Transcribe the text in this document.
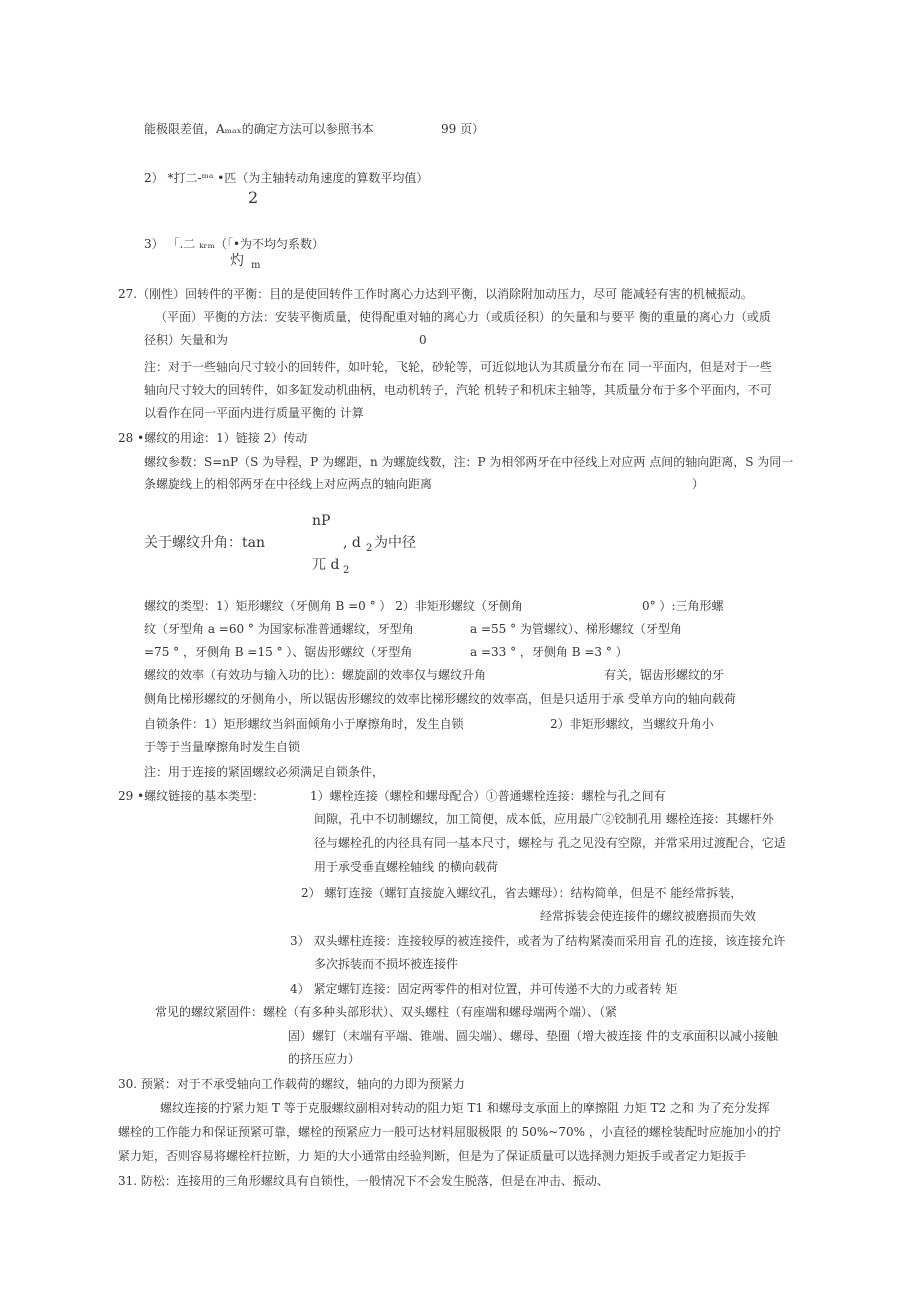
能极限差值，Aₘₐₓ的确定方法可以参照书本	99 页）
2） *打二-ᵐᵃ •匹（为主轴转动角速度的算数平均值）
2
3） 「.二 ₖᵣₘ（「•为不均匀系数）
灼 m
27.（刚性）回转件的平衡：目的是使回转件工作时离心力达到平衡，以消除附加动压力，尽可 能减轻有害的机械振动。
（平面）平衡的方法：安装平衡质量，使得配重对轴的离心力（或质径积）的矢量和与要平 衡的重量的离心力（或质
径积）矢量和为	0
注：对于一些轴向尺寸较小的回转件，如叶轮，飞轮，砂轮等，可近似地认为其质量分布在 同一平面内，但是对于一些
轴向尺寸较大的回转件，如多缸发动机曲柄，电动机转子，汽轮 机转子和机床主轴等，其质量分布于多个平面内，不可
以看作在同一平面内进行质量平衡的 计算
28 •螺纹的用途：1）链接 2）传动
螺纹参数：S=nP（S 为导程，P 为螺距，n 为螺旋线数，注：P 为相邻两牙在中径线上对应两 点间的轴向距离，S 为同一
条螺旋线上的相邻两牙在中径线上对应两点的轴向距离	）
nP
关于螺纹升角：tan	, d 2 为中径
兀 d 2
螺纹的类型：1）矩形螺纹（牙侧角 B =0 ° ） 2）非矩形螺纹（牙侧角	0° ）:三角形螺
纹（牙型角 a =60 ° 为国家标准普通螺纹，牙型角	a =55 ° 为管螺纹）、梯形螺纹（牙型角
=75 ° ，牙侧角 B =15 ° ）、锯齿形螺纹（牙型角	a =33 ° ，牙侧角 B =3 ° ）
螺纹的效率（有效功与输入功的比）：螺旋副的效率仅与螺纹升角	有关，锯齿形螺纹的牙
侧角比梯形螺纹的牙侧角小，所以锯齿形螺纹的效率比梯形螺纹的效率高，但是只适用于承 受单方向的轴向载荷
自锁条件：1）矩形螺纹当斜面倾角小于摩擦角时，发生自锁	2）非矩形螺纹，当螺纹升角小
于等于当量摩擦角时发生自锁
注：用于连接的紧固螺纹必须满足自锁条件，
29 •螺纹链接的基本类型：	1）螺栓连接（螺栓和螺母配合）①普通螺栓连接：螺栓与孔之间有
间隙，孔中不切制螺纹，加工简便，成本低，应用最广②铰制孔用 螺栓连接：其螺杆外
径与螺栓孔的内径具有同一基本尺寸，螺栓与 孔之见没有空隙，并常采用过渡配合，它适
用于承受垂直螺栓轴线 的横向载荷
2） 螺钉连接（螺钉直接旋入螺纹孔，省去螺母）：结构简单，但是不 能经常拆装，
经常拆装会使连接件的螺纹被磨损而失效
3） 双头螺柱连接：连接较厚的被连接件，或者为了结构紧凑而采用盲 孔的连接，该连接允许
多次拆装而不损坏被连接件
4） 紧定螺钉连接：固定两零件的相对位置，并可传递不大的力或者转 矩
常见的螺纹紧固件：螺栓（有多种头部形状）、双头螺柱（有座端和螺母端两个端）、（紧
固）螺钉（末端有平端、锥端、圆尖端）、螺母、垫圈（增大被连接 件的支承面积以减小接触
的挤压应力）
30. 预紧：对于不承受轴向工作载荷的螺纹，轴向的力即为预紧力
螺纹连接的拧紧力矩 T 等于克服螺纹副相对转动的阻力矩 T1 和螺母支承面上的摩擦阻 力矩 T2 之和 为了充分发挥
螺栓的工作能力和保证预紧可靠，螺栓的预紧应力一般可达材料屈服极限 的 50%~70% ，小直径的螺栓装配时应施加小的拧
紧力矩，否则容易将螺栓杆拉断，力 矩的大小通常由经验判断，但是为了保证质量可以选择测力矩扳手或者定力矩扳手
31. 防松：连接用的三角形螺纹具有自锁性，一般情况下不会发生脱落，但是在冲击、振动、
